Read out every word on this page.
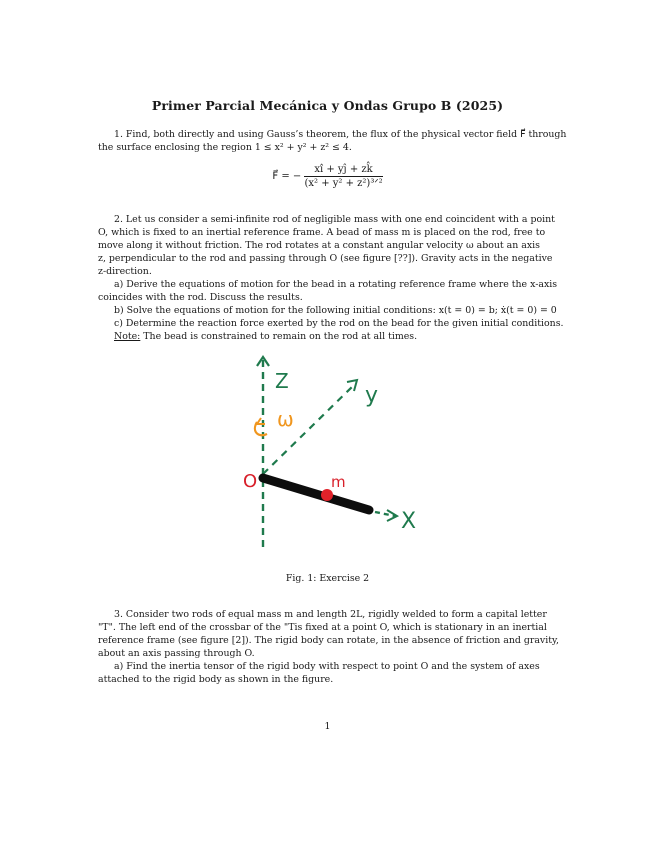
Primer Parcial Mecánica y Ondas Grupo B (2025)
1. Find, both directly and using Gauss’s theorem, the flux of the physical vector field F⃗ through
the surface enclosing the region 1 ≤ x² + y² + z² ≤ 4.
F⃗ = − $\frac{xî + yĵ + zk̂}{\text{(x² + y² + z²)³ᐟ²}}$
2. Let us consider a semi-infinite rod of negligible mass with one end coincident with a point
O, which is fixed to an inertial reference frame. A bead of mass m is placed on the rod, free to
move along it without friction. The rod rotates at a constant angular velocity ω about an axis
z, perpendicular to the rod and passing through O (see figure [??]). Gravity acts in the negative
z-direction.
a) Derive the equations of motion for the bead in a rotating reference frame where the x-axis
coincides with the rod. Discuss the results.
b) Solve the equations of motion for the following initial conditions: x(t = 0) = b; ẋ(t = 0) = 0
c) Determine the reaction force exerted by the rod on the bead for the given initial conditions.
Note: The bead is constrained to remain on the rod at all times.
Z
y
ω
X
m
O
Fig. 1: Exercise 2
3. Consider two rods of equal mass m and length 2L, rigidly welded to form a capital letter
"T". The left end of the crossbar of the "Tis fixed at a point O, which is stationary in an inertial
reference frame (see figure [2]). The rigid body can rotate, in the absence of friction and gravity,
about an axis passing through O.
a) Find the inertia tensor of the rigid body with respect to point O and the system of axes
attached to the rigid body as shown in the figure.
1
